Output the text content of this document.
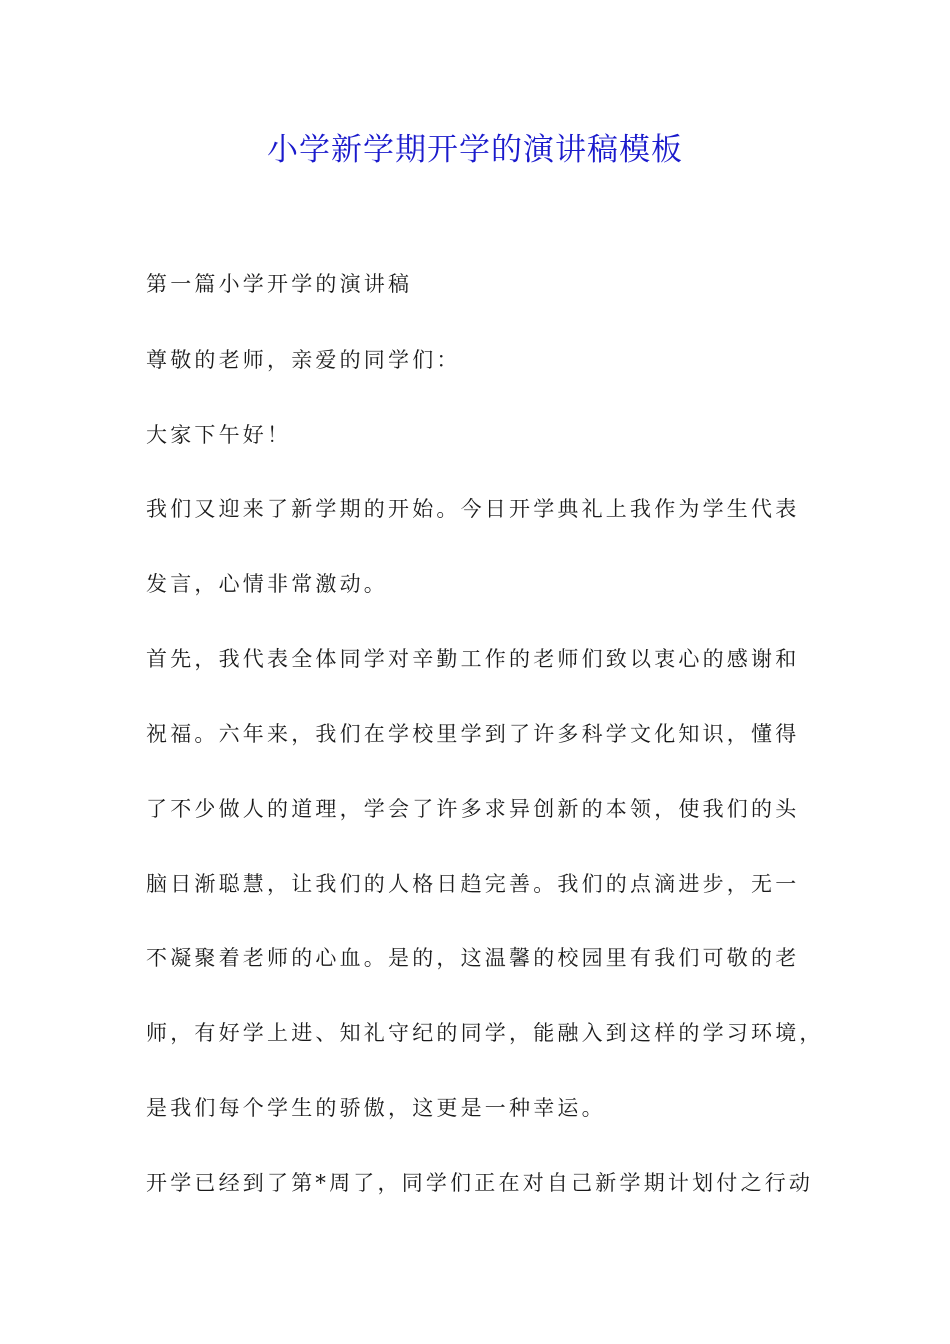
小学新学期开学的演讲稿模板

第一篇小学开学的演讲稿

尊敬的老师，亲爱的同学们：

大家下午好！

我们又迎来了新学期的开始。今日开学典礼上我作为学生代表

发言，心情非常激动。

首先，我代表全体同学对辛勤工作的老师们致以衷心的感谢和

祝福。六年来，我们在学校里学到了许多科学文化知识，懂得

了不少做人的道理，学会了许多求异创新的本领，使我们的头

脑日渐聪慧，让我们的人格日趋完善。我们的点滴进步，无一

不凝聚着老师的心血。是的，这温馨的校园里有我们可敬的老

师，有好学上进、知礼守纪的同学，能融入到这样的学习环境，

是我们每个学生的骄傲，这更是一种幸运。

开学已经到了第*周了，同学们正在对自己新学期计划付之行动
